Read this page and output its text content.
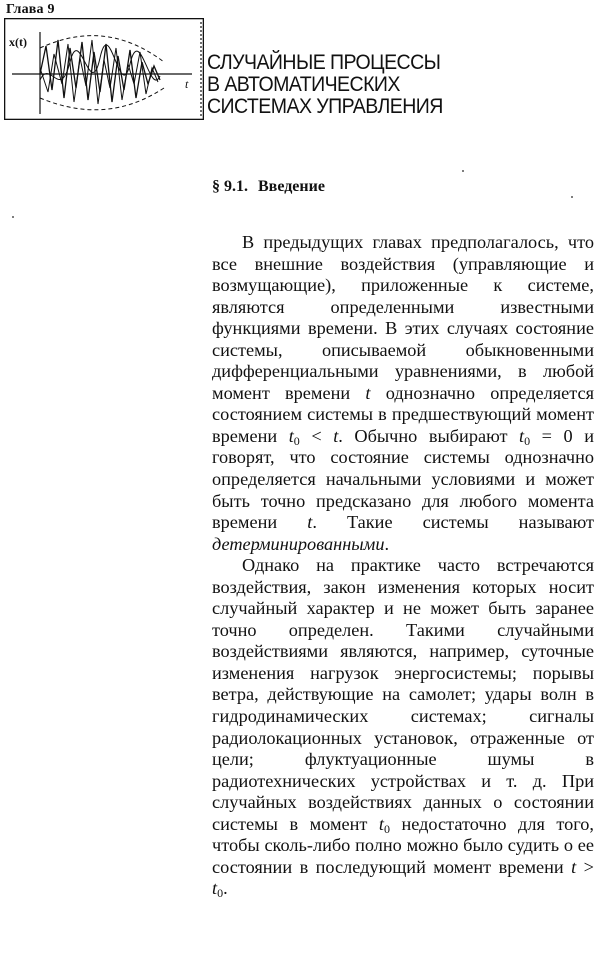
Глава 9
x(t)
t
СЛУЧАЙНЫЕ ПРОЦЕССЫ
В АВТОМАТИЧЕСКИХ
СИСТЕМАХ УПРАВЛЕНИЯ
§ 9.1. Введение

В предыдущих главах предполагалось, что все внешние воздействия (управляющие и возмущающие), приложенные к системе, являются определенными известными функциями времени. В этих случаях состояние системы, описываемой обыкновенными дифференциальными уравнениями, в любой момент времени t однозначно определяется состоянием системы в предшествующий момент времени $t_0 < t$. Обычно выбирают $t_0 = 0$ и говорят, что состояние системы однозначно определяется начальными условиями и может быть точно предсказано для любого момента времени t. Такие системы называют детерминированными.

Однако на практике часто встречаются воздействия, закон изменения которых носит случайный характер и не может быть заранее точно определен. Такими случайными воздействиями являются, например, суточные изменения нагрузок энергосистемы; порывы ветра, действующие на самолет; удары волн в гидродинамических системах; сигналы радиолокационных установок, отраженные от цели; флуктуационные шумы в радиотехнических устройствах и т. д. При случайных воздействиях данных о состоянии системы в момент $t_0$ недостаточно для того, чтобы сколь-либо полно можно было судить о ее состоянии в последующий момент времени $t > t_0$.
